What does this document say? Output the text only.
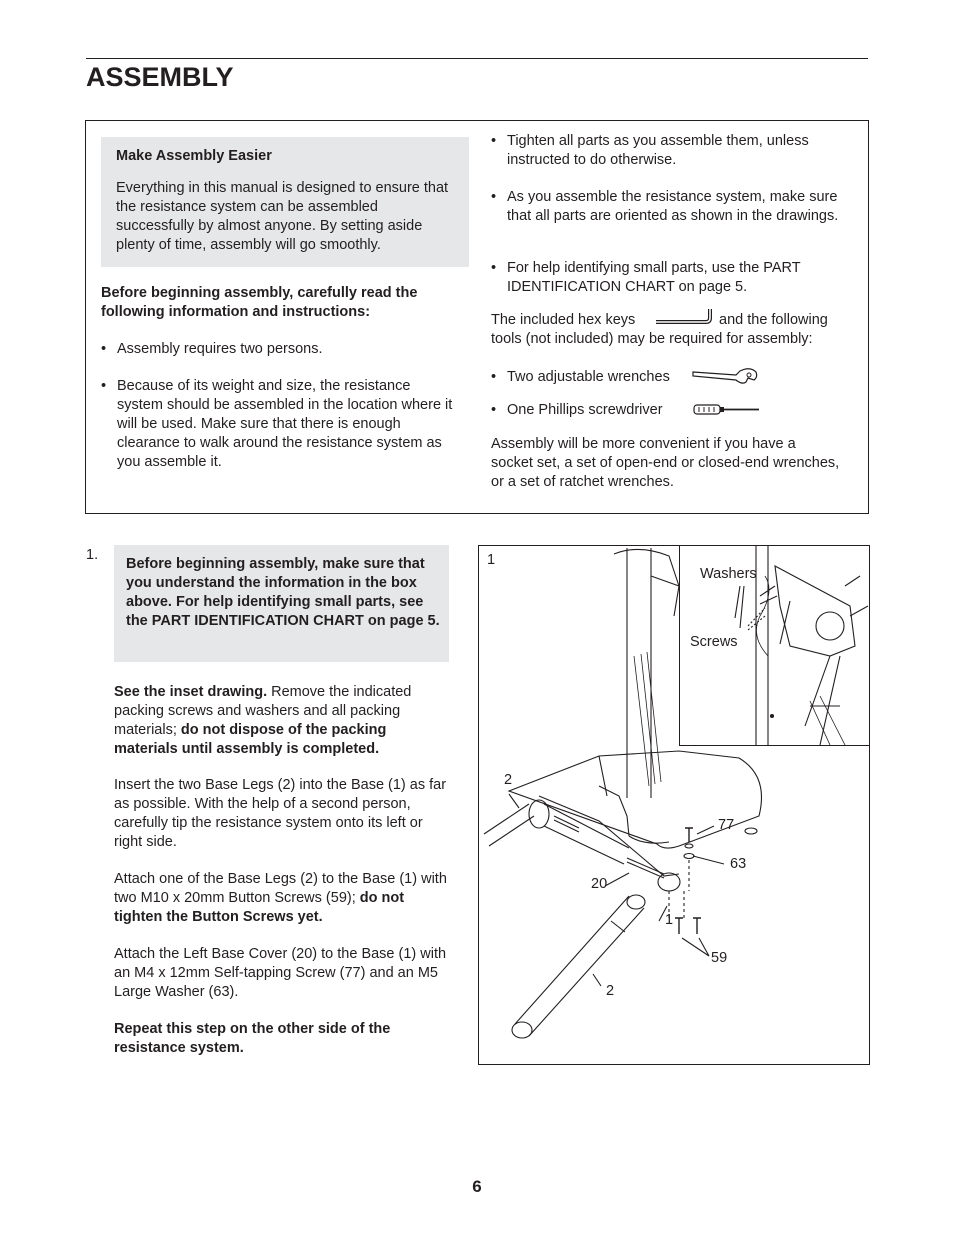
ASSEMBLY
Make Assembly Easier
Everything in this manual is designed to ensure that the resistance system can be assembled successfully by almost anyone. By setting aside plenty of time, assembly will go smoothly.
Before beginning assembly, carefully read the following information and instructions:
• Assembly requires two persons.
• Because of its weight and size, the resistance system should be assembled in the location where it will be used. Make sure that there is enough clearance to walk around the resistance system as you assemble it.
• Tighten all parts as you assemble them, unless instructed to do otherwise.
• As you assemble the resistance system, make sure that all parts are oriented as shown in the drawings.
• For help identifying small parts, use the PART IDENTIFICATION CHART on page 5.
The included hex keys	and the following
tools (not included) may be required for assembly:
• Two adjustable wrenches
• One Phillips screwdriver
Assembly will be more convenient if you have a socket set, a set of open-end or closed-end wrenches, or a set of ratchet wrenches.
1.
Before beginning assembly, make sure that you understand the information in the box above. For help identifying small parts, see the PART IDENTIFICATION CHART on page 5.
See the inset drawing. Remove the indicated packing screws and washers and all packing materials; do not dispose of the packing materials until assembly is completed.
Insert the two Base Legs (2) into the Base (1) as far as possible. With the help of a second person, carefully tip the resistance system onto its left or right side.
Attach one of the Base Legs (2) to the Base (1) with two M10 x 20mm Button Screws (59); do not tighten the Button Screws yet.
Attach the Left Base Cover (20) to the Base (1) with an M4 x 12mm Self-tapping Screw (77) and an M5 Large Washer (63).
Repeat this step on the other side of the resistance system.
1
2
77
63
20
1
59
2
Washers
Screws
6
